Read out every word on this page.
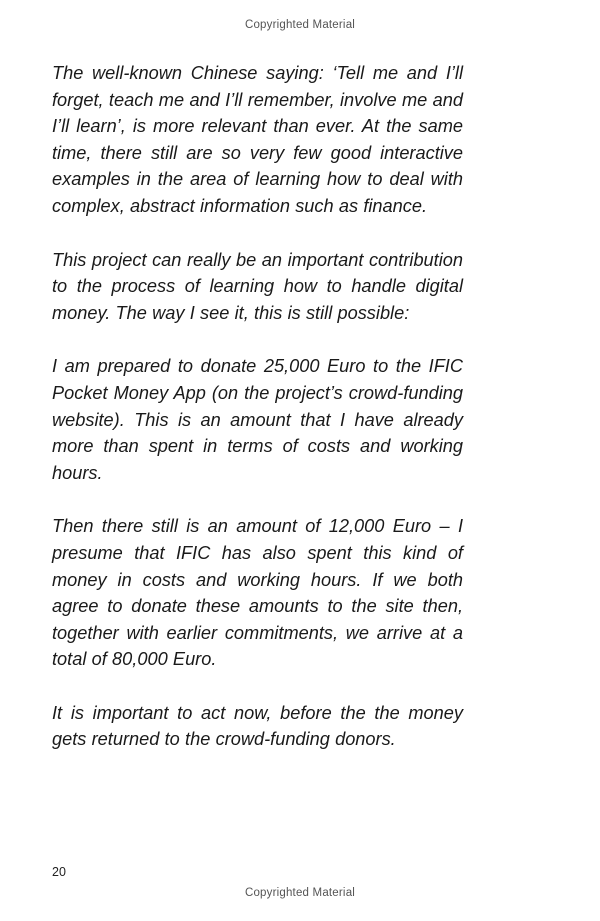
Copyrighted Material

The well-known Chinese saying: ‘Tell me and I’ll forget, teach me and I’ll remember, involve me and I’ll learn’, is more relevant than ever. At the same time, there still are so very few good interactive examples in the area of learning how to deal with complex, abstract information such as finance.

This project can really be an important contribution to the process of learning how to handle digital money. The way I see it, this is still possible:

I am prepared to donate 25,000 Euro to the IFIC Pocket Money App (on the project’s crowd-funding website). This is an amount that I have already more than spent in terms of costs and working hours.

Then there still is an amount of 12,000 Euro – I presume that IFIC has also spent this kind of money in costs and working hours. If we both agree to donate these amounts to the site then, together with earlier commitments, we arrive at a total of 80,000 Euro.

It is important to act now, before the the money gets returned to the crowd-funding donors.

20
Copyrighted Material
